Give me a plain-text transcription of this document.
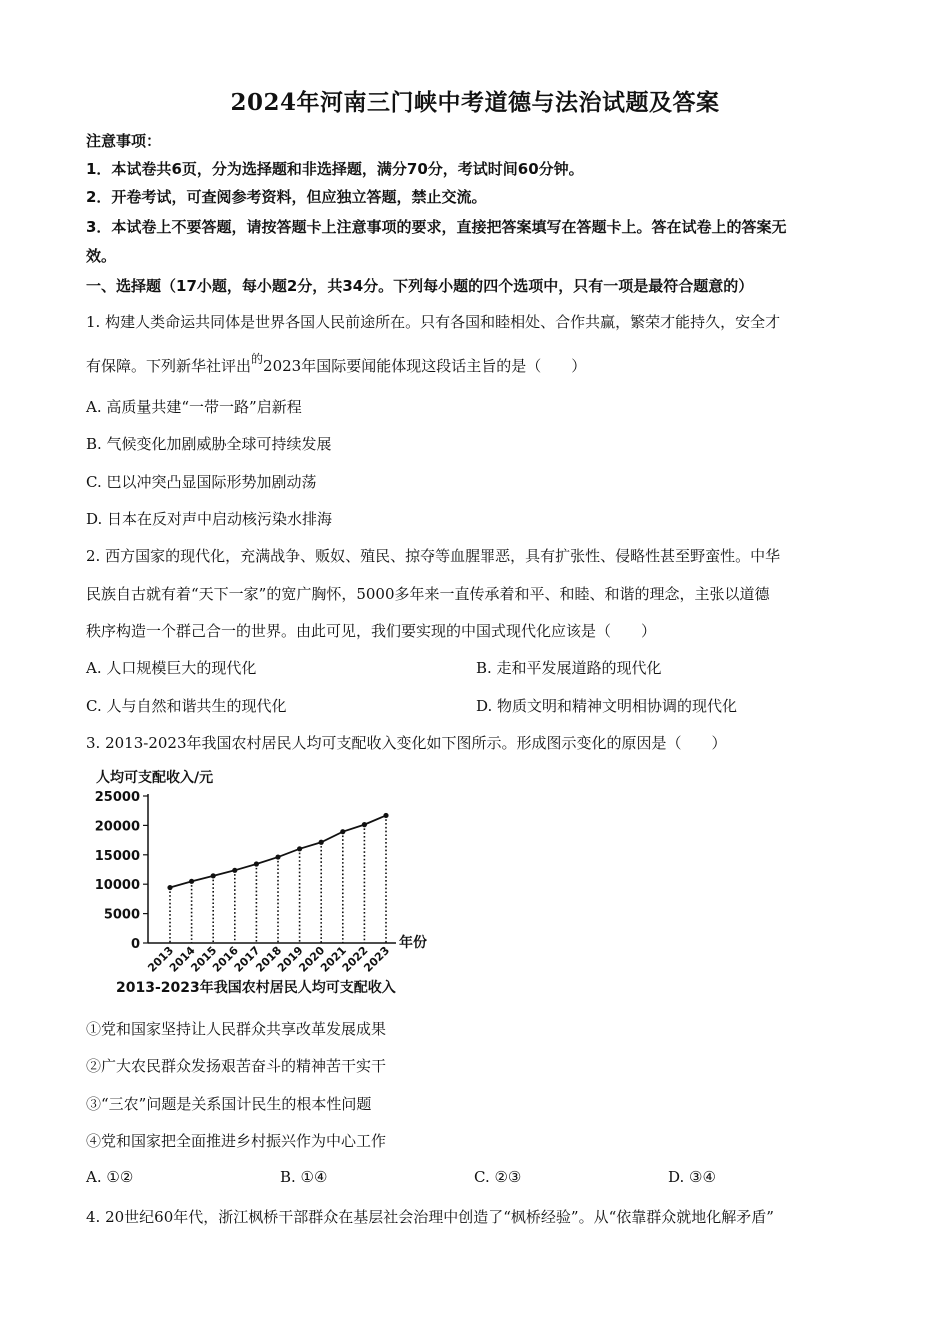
2024年河南三门峡中考道德与法治试题及答案
注意事项：
1．本试卷共6页，分为选择题和非选择题，满分70分，考试时间60分钟。
2．开卷考试，可查阅参考资料，但应独立答题，禁止交流。
3．本试卷上不要答题，请按答题卡上注意事项的要求，直接把答案填写在答题卡上。答在试卷上的答案无
效。
一、选择题（17小题，每小题2分，共34分。下列每小题的四个选项中，只有一项是最符合题意的）
1. 构建人类命运共同体是世界各国人民前途所在。只有各国和睦相处、合作共赢，繁荣才能持久，安全才
有保障。下列新华社评出$^的$2023年国际要闻能体现这段话主旨的是（　　）
A. 高质量共建“一带一路”启新程
B. 气候变化加剧威胁全球可持续发展
C. 巴以冲突凸显国际形势加剧动荡
D. 日本在反对声中启动核污染水排海
2. 西方国家的现代化，充满战争、贩奴、殖民、掠夺等血腥罪恶，具有扩张性、侵略性甚至野蛮性。中华
民族自古就有着“天下一家”的宽广胸怀，5000多年来一直传承着和平、和睦、和谐的理念，主张以道德
秩序构造一个群己合一的世界。由此可见，我们要实现的中国式现代化应该是（　　）
A. 人口规模巨大的现代化	B. 走和平发展道路的现代化
C. 人与自然和谐共生的现代化	D. 物质文明和精神文明相协调的现代化
3. 2013-2023年我国农村居民人均可支配收入变化如下图所示。形成图示变化的原因是（　　）
人均可支配收入/元
0
5000
10000
15000
20000
25000
2013
2014
2015
2016
2017
2018
2019
2020
2021
2022
2023
年份
2013-2023年我国农村居民人均可支配收入
①党和国家坚持让人民群众共享改革发展成果
②广大农民群众发扬艰苦奋斗的精神苦干实干
③“三农”问题是关系国计民生的根本性问题
④党和国家把全面推进乡村振兴作为中心工作
A. ①②	B. ①④	C. ②③	D. ③④
4. 20世纪60年代，浙江枫桥干部群众在基层社会治理中创造了“枫桥经验”。从“依靠群众就地化解矛盾”
